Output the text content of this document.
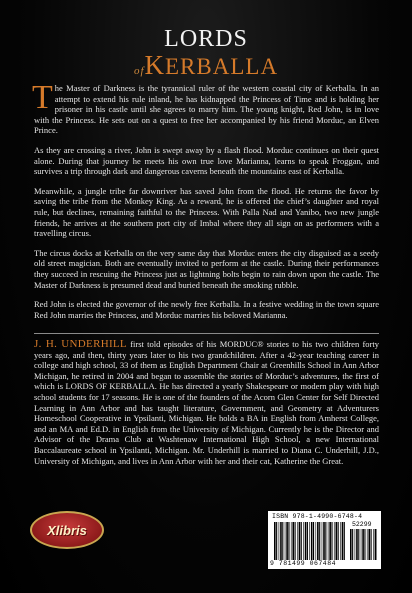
LORDS
ofKERBALLA

The Master of Darkness is the tyrannical ruler of the western coastal city of Kerballa. In an attempt to extend his rule inland, he has kidnapped the Princess of Time and is holding her prisoner in his castle until she agrees to marry him. The young knight, Red John, is in love with the Princess. He sets out on a quest to free her accompanied by his friend Morduc, an Elven Prince.

As they are crossing a river, John is swept away by a flash flood. Morduc continues on their quest alone. During that journey he meets his own true love Marianna, learns to speak Froggan, and survives a trip through dark and dangerous caverns beneath the mountains east of Kerballa.

Meanwhile, a jungle tribe far downriver has saved John from the flood. He returns the favor by saving the tribe from the Monkey King. As a reward, he is offered the chief’s daughter and royal rule, but declines, remaining faithful to the Princess. With Palla Nad and Yanibo, two new jungle friends, he arrives at the southern port city of Imbal where they all sign on as performers with a travelling circus.

The circus docks at Kerballa on the very same day that Morduc enters the city disguised as a seedy old street magician. Both are eventually invited to perform at the castle. During their performances they succeed in rescuing the Princess just as lightning bolts begin to rain down upon the castle. The Master of Darkness is presumed dead and buried beneath the smoking rubble.

Red John is elected the governor of the newly free Kerballa. In a festive wedding in the town square Red John marries the Princess, and Morduc marries his beloved Marianna.

J. H. UNDERHILL first told episodes of his MORDUC® stories to his two children forty years ago, and then, thirty years later to his two grandchildren. After a 42-year teaching career in college and high school, 33 of them as English Department Chair at Greenhills School in Ann Arbor Michigan, he retired in 2004 and began to assemble the stories of Morduc’s adventures, the first of which is LORDS OF KERBALLA. He has directed a yearly Shakespeare or modern play with high school students for 17 seasons. He is one of the founders of the Acorn Glen Center for Self Directed Learning in Ann Arbor and has taught literature, Government, and Geometry at Adventurers Homeschool Cooperative in Ypsilanti, Michigan. He holds a BA in English from Amherst College, and an MA and Ed.D. in English from the University of Michigan. Currently he is the Director and Advisor of the Drama Club at Washtenaw International High School, a new International Baccalaureate school in Ypsilanti, Michigan. Mr. Underhill is married to Diana C. Underhill, J.D., University of Michigan, and lives in Ann Arbor with her and their cat, Katherine the Great.
Xlibris
ISBN 978-1-4990-6748-4
52299
9 781499 067484
